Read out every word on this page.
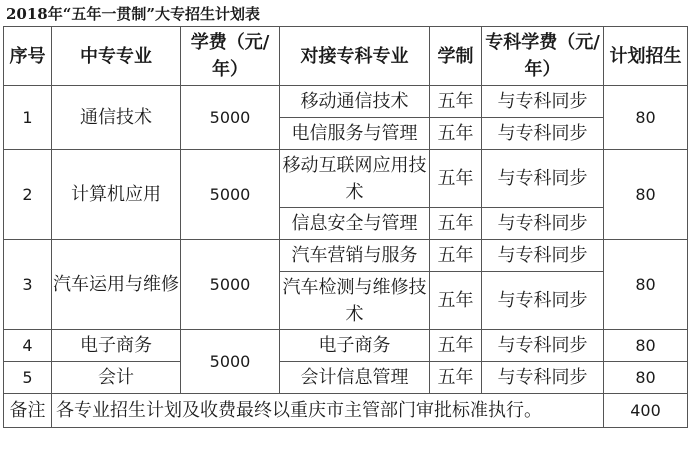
2018年“五年一贯制”大专招生计划表
序号	中专专业	学费（元/年）	对接专科专业	学制	专科学费（元/年）	计划招生
1	通信技术	5000	移动通信技术	五年	与专科同步	80
			电信服务与管理	五年	与专科同步	
2	计算机应用	5000	移动互联网应用技术	五年	与专科同步	80
			信息安全与管理	五年	与专科同步	
3	汽车运用与维修	5000	汽车营销与服务	五年	与专科同步	80
			汽车检测与维修技术	五年	与专科同步	
4	电子商务	5000	电子商务	五年	与专科同步	80
5	会计		会计信息管理	五年	与专科同步	80
备注	各专业招生计划及收费最终以重庆市主管部门审批标准执行。					400
